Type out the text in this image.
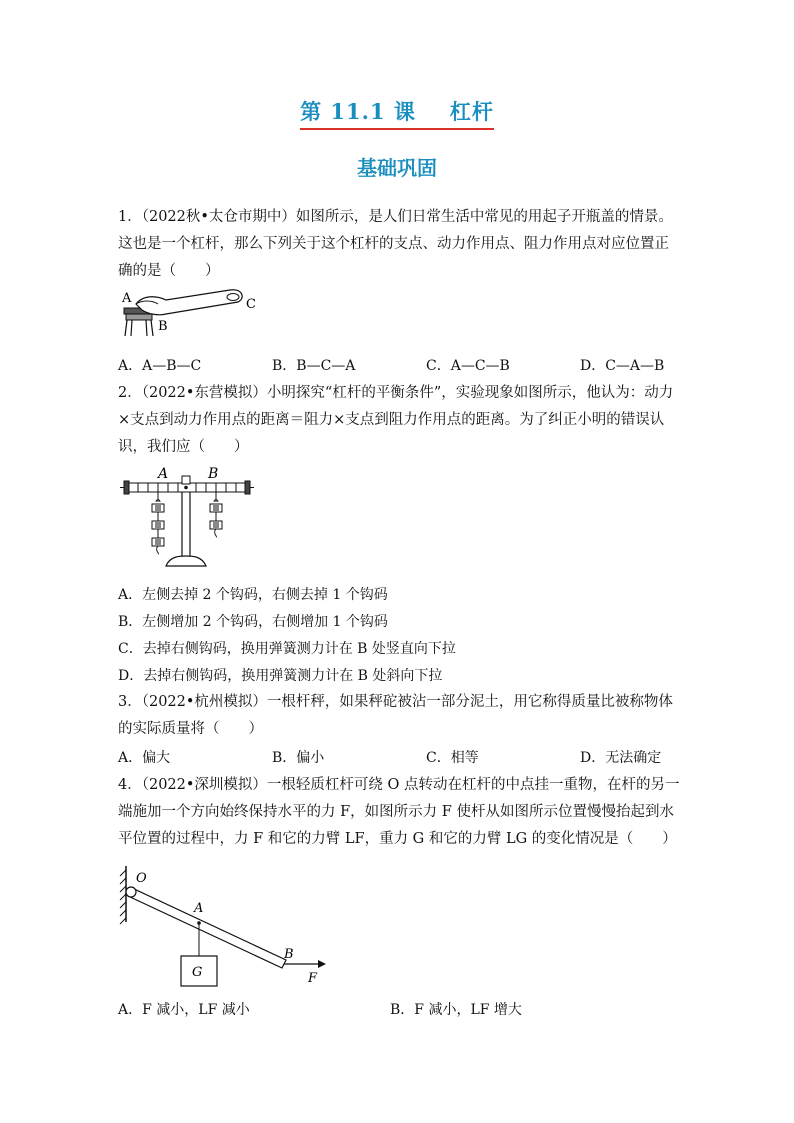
第 11.1 课 杠杆
基础巩固
1．（2022秋•太仓市期中）如图所示，是人们日常生活中常见的用起子开瓶盖的情景。这也是一个杠杆，那么下列关于这个杠杆的支点、动力作用点、阻力作用点对应位置正确的是（　　）
A
B
C
A．A—B—C	B．B—C—A	C．A—C—B	D．C—A—B
2．（2022•东营模拟）小明探究“杠杆的平衡条件”，实验现象如图所示，他认为：动力×支点到动力作用点的距离＝阻力×支点到阻力作用点的距离。为了纠正小明的错误认识，我们应（　　）
A	B
A．左侧去掉 2 个钩码，右侧去掉 1 个钩码
B．左侧增加 2 个钩码，右侧增加 1 个钩码
C．去掉右侧钩码，换用弹簧测力计在 B 处竖直向下拉
D．去掉右侧钩码，换用弹簧测力计在 B 处斜向下拉
3．（2022•杭州模拟）一根杆秤，如果秤砣被沾一部分泥土，用它称得质量比被称物体的实际质量将（　　）
A．偏大	B．偏小	C．相等	D．无法确定
4．（2022•深圳模拟）一根轻质杠杆可绕 O 点转动在杠杆的中点挂一重物，在杆的另一端施加一个方向始终保持水平的力 F，如图所示力 F 使杆从如图所示位置慢慢抬起到水平位置的过程中，力 F 和它的力臂 LF，重力 G 和它的力臂 LG 的变化情况是（　　）
O
A
B
G	F
A．F 减小，LF 减小	B．F 减小，LF 增大
